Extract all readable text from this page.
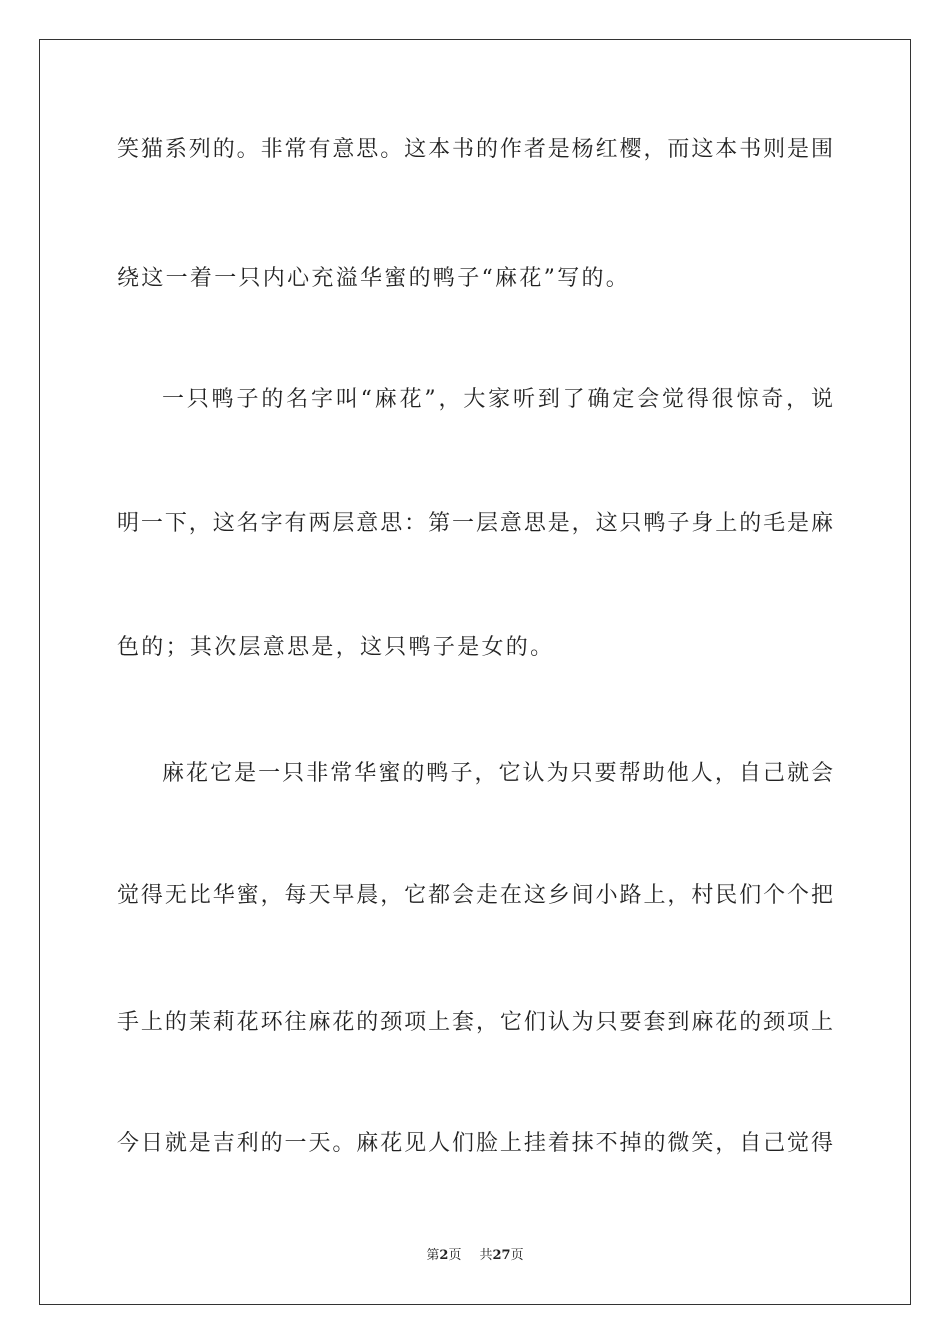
笑猫系列的。非常有意思。这本书的作者是杨红樱，而这本书则是围
绕这一着一只内心充溢华蜜的鸭子“麻花”写的。
一只鸭子的名字叫“麻花”，大家听到了确定会觉得很惊奇，说
明一下，这名字有两层意思：第一层意思是，这只鸭子身上的毛是麻
色的；其次层意思是，这只鸭子是女的。
麻花它是一只非常华蜜的鸭子，它认为只要帮助他人，自己就会
觉得无比华蜜，每天早晨，它都会走在这乡间小路上，村民们个个把
手上的茉莉花环往麻花的颈项上套，它们认为只要套到麻花的颈项上
今日就是吉利的一天。麻花见人们脸上挂着抹不掉的微笑，自己觉得
第2页 共27页
